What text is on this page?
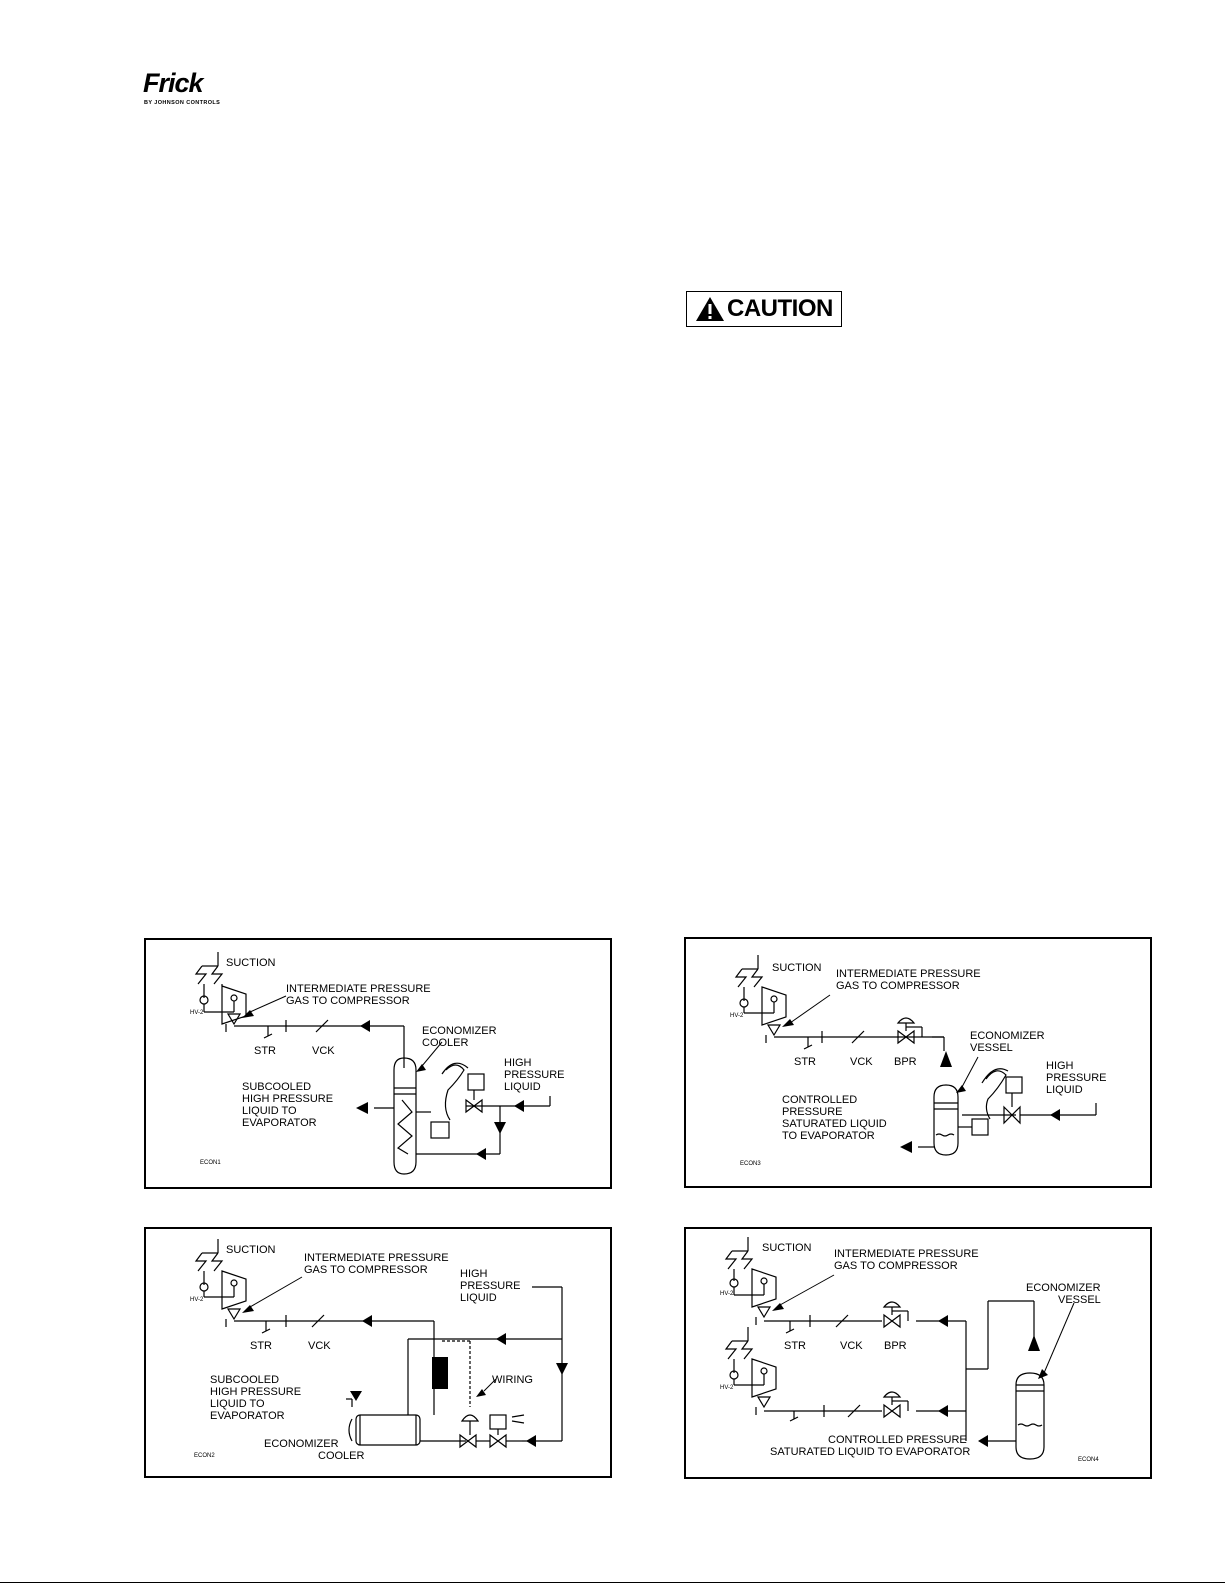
Frick
BY JOHNSON CONTROLS
CAUTION
SUCTION
HV-2
INTERMEDIATE PRESSURE
GAS TO COMPRESSOR
STR	VCK
ECONOMIZER
COOLER
HIGH
PRESSURE
LIQUID
SUBCOOLED
HIGH PRESSURE
LIQUID TO
EVAPORATOR
ECON1
SUCTION
HV-2
INTERMEDIATE PRESSURE
GAS TO COMPRESSOR
STR	VCK BPR
ECONOMIZER
VESSEL
HIGH
PRESSURE
LIQUID
CONTROLLED
PRESSURE
SATURATED LIQUID
TO EVAPORATOR
ECON3
SUCTION
HV-2
INTERMEDIATE PRESSURE
GAS TO COMPRESSOR
STR	VCK
HIGH
PRESSURE
LIQUID
WIRING
SUBCOOLED
HIGH PRESSURE
LIQUID TO
EVAPORATOR
ECONOMIZER
COOLER
ECON2
SUCTION
HV-2
HV-2
INTERMEDIATE PRESSURE
GAS TO COMPRESSOR
STR	VCK BPR
ECONOMIZER
VESSEL
CONTROLLED PRESSURE
SATURATED LIQUID TO EVAPORATOR
ECON4
